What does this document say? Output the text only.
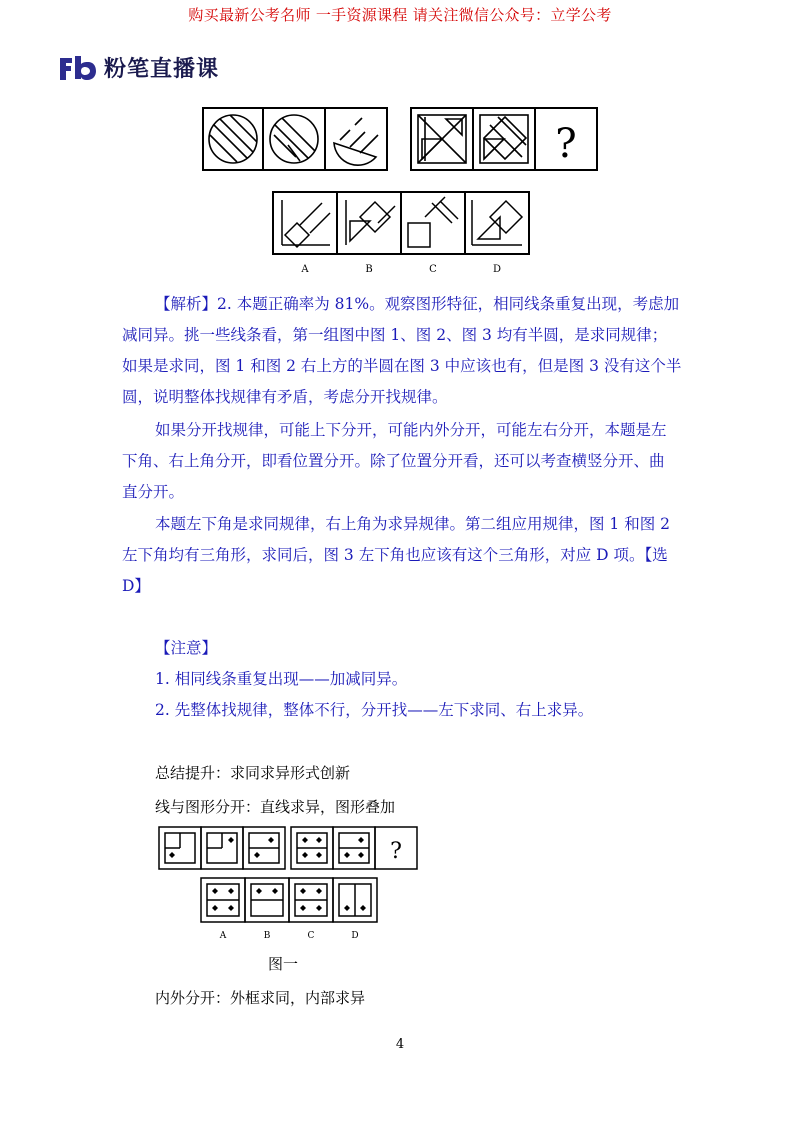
购买最新公考名师 一手资源课程 请关注微信公众号：立学公考
粉笔直播课
?
A	B	C	D
【解析】2. 本题正确率为 81%。观察图形特征，相同线条重复出现，考虑加
减同异。挑一些线条看，第一组图中图 1、图 2、图 3 均有半圆，是求同规律；
如果是求同，图 1 和图 2 右上方的半圆在图 3 中应该也有，但是图 3 没有这个半
圆，说明整体找规律有矛盾，考虑分开找规律。
如果分开找规律，可能上下分开，可能内外分开，可能左右分开，本题是左
下角、右上角分开，即看位置分开。除了位置分开看，还可以考查横竖分开、曲
直分开。
本题左下角是求同规律，右上角为求异规律。第二组应用规律，图 1 和图 2
左下角均有三角形，求同后，图 3 左下角也应该有这个三角形，对应 D 项。【选
D】
【注意】
1. 相同线条重复出现——加减同异。
2. 先整体找规律，整体不行，分开找——左下求同、右上求异。
总结提升：求同求异形式创新
线与图形分开：直线求异，图形叠加
?
A	B	C	D
图一
内外分开：外框求同，内部求异
4
